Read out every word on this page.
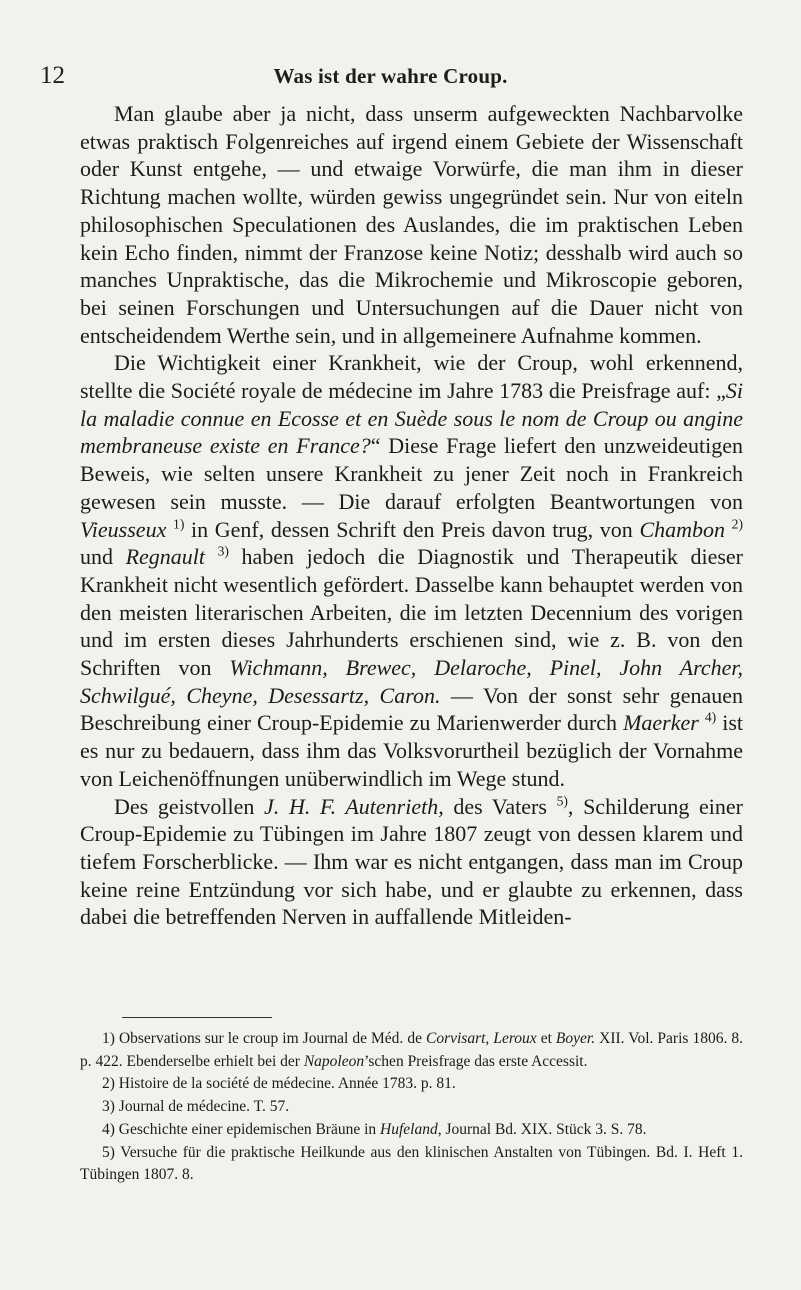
12	Was ist der wahre Croup.

Man glaube aber ja nicht, dass unserm aufgeweckten Nachbarvolke etwas praktisch Folgenreiches auf irgend einem Gebiete der Wissenschaft oder Kunst entgehe, — und etwaige Vorwürfe, die man ihm in dieser Richtung machen wollte, würden gewiss ungegründet sein. Nur von eiteln philosophischen Speculationen des Auslandes, die im praktischen Leben kein Echo finden, nimmt der Franzose keine Notiz; desshalb wird auch so manches Unpraktische, das die Mikrochemie und Mikroscopie geboren, bei seinen Forschungen und Untersuchungen auf die Dauer nicht von entscheidendem Werthe sein, und in allgemeinere Aufnahme kommen.

Die Wichtigkeit einer Krankheit, wie der Croup, wohl erkennend, stellte die Société royale de médecine im Jahre 1783 die Preisfrage auf: „Si la maladie connue en Ecosse et en Suède sous le nom de Croup ou angine membraneuse existe en France?“ Diese Frage liefert den unzweideutigen Beweis, wie selten unsere Krankheit zu jener Zeit noch in Frankreich gewesen sein musste. — Die darauf erfolgten Beantwortungen von Vieusseux $^{1)}$ in Genf, dessen Schrift den Preis davon trug, von Chambon $^{2)}$ und Regnault $^{3)}$ haben jedoch die Diagnostik und Therapeutik dieser Krankheit nicht wesentlich gefördert. Dasselbe kann behauptet werden von den meisten literarischen Arbeiten, die im letzten Decennium des vorigen und im ersten dieses Jahrhunderts erschienen sind, wie z. B. von den Schriften von Wichmann, Brewec, Delaroche, Pinel, John Archer, Schwilgué, Cheyne, Desessartz, Caron. — Von der sonst sehr genauen Beschreibung einer Croup-Epidemie zu Marienwerder durch Maerker $^{4)}$ ist es nur zu bedauern, dass ihm das Volksvorurtheil bezüglich der Vornahme von Leichenöffnungen unüberwindlich im Wege stund.

Des geistvollen J. H. F. Autenrieth, des Vaters $^{5)}$, Schilderung einer Croup-Epidemie zu Tübingen im Jahre 1807 zeugt von dessen klarem und tiefem Forscherblicke. — Ihm war es nicht entgangen, dass man im Croup keine reine Entzündung vor sich habe, und er glaubte zu erkennen, dass dabei die betreffenden Nerven in auffallende Mitleiden-

1) Observations sur le croup im Journal de Méd. de Corvisart, Leroux et Boyer. XII. Vol. Paris 1806. 8. p. 422. Ebenderselbe erhielt bei der Napoleon’schen Preisfrage das erste Accessit.

2) Histoire de la société de médecine. Année 1783. p. 81.

3) Journal de médecine. T. 57.

4) Geschichte einer epidemischen Bräune in Hufeland, Journal Bd. XIX. Stück 3. S. 78.

5) Versuche für die praktische Heilkunde aus den klinischen Anstalten von Tübingen. Bd. I. Heft 1. Tübingen 1807. 8.
